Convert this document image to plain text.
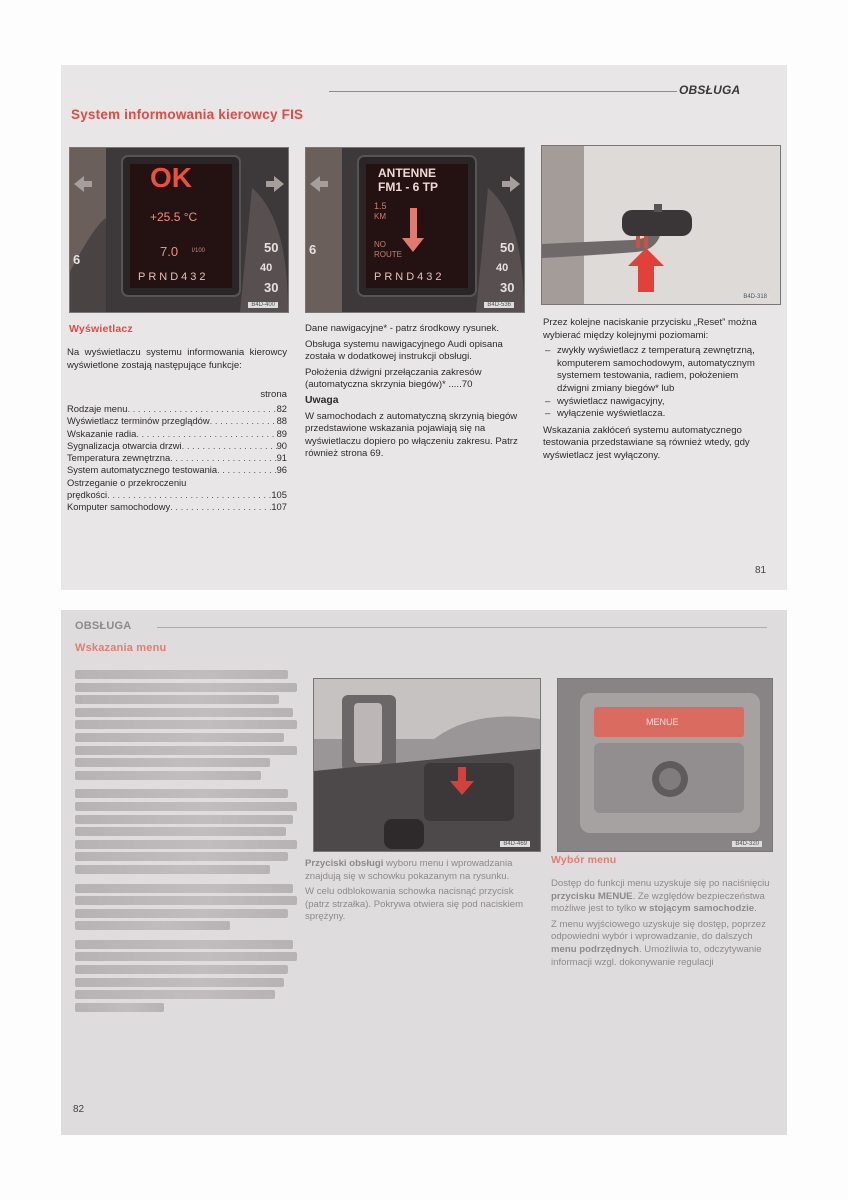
OBSŁUGA
System informowania kierowcy FIS
OK
+25.5 °C
7.0 l/100
PRND432
6
50
40
30
B4D-400
ANTENNE
FM1 - 6 TP
1.5
KM
NO
ROUTE
PRND432
6	50
40
30
B4D-536
B4D-318
Wyświetlacz
Na wyświetlaczu systemu informowania kierowcy wyświetlone zostają następujące funkcje:
strona
Rodzaje menu . . .	82
Wyświetlacz terminów przeglądów . . .	88
Wskazanie radia . . .	89
Sygnalizacja otwarcia drzwi . . .	90
Temperatura zewnętrzna . . .	91
System automatycznego testowania . . .	96
Ostrzeganie o przekroczeniu
prędkości . . .	105
Komputer samochodowy . . .	107

Dane nawigacyjne* - patrz środkowy rysunek.

Obsługa systemu nawigacyjnego Audi opisana została w dodatkowej instrukcji obsługi.

Położenia dźwigni przełączania zakresów (automatyczna skrzynia biegów)* .....70

Uwaga

W samochodach z automatyczną skrzynią biegów przedstawione wskazania pojawiają się na wyświetlaczu dopiero po włączeniu zakresu. Patrz również strona 69.

Przez kolejne naciskanie przycisku „Reset” można wybierać między kolejnymi poziomami:

– zwykły wyświetlacz z temperaturą zewnętrzną, komputerem samochodowym, automatycznym systemem testowania, radiem, położeniem dźwigni zmiany biegów* lub
– wyświetlacz nawigacyjny,
– wyłączenie wyświetlacza.

Wskazania zakłóceń systemu automatycznego testowania przedstawiane są również wtedy, gdy wyświetlacz jest wyłączony.

81
OBSŁUGA
Wskazania menu
B4D-469
MENUE
B4D-320

Przyciski obsługi wyboru menu i wprowadzania znajdują się w schowku pokazanym na rysunku.

W celu odblokowania schowka nacisnąć przycisk (patrz strzałka). Pokrywa otwiera się pod naciskiem sprężyny.

Wybór menu

Dostęp do funkcji menu uzyskuje się po naciśnięciu przycisku MENUE. Ze względów bezpieczeństwa możliwe jest to tylko w stojącym samochodzie.

Z menu wyjściowego uzyskuje się dostęp, poprzez odpowiedni wybór i wprowadzanie, do dalszych menu podrzędnych. Umożliwia to, odczytywanie informacji wzgl. dokonywanie regulacji

82
